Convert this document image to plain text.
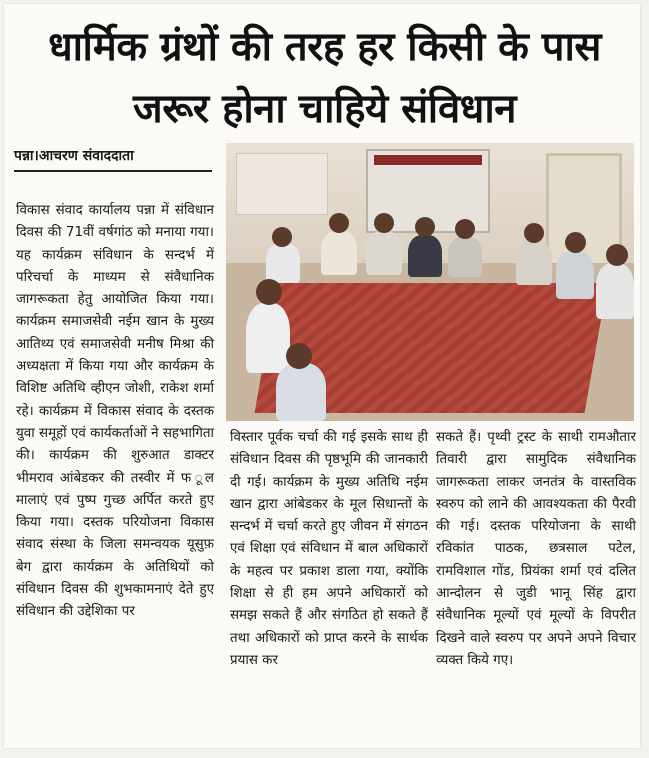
धार्मिक ग्रंथों की तरह हर किसी के पास
जरूर होना चाहिये संविधान
पन्ना।आचरण संवाददाता

विकास संवाद कार्यालय पन्ना में संविधान दिवस की 71वीं वर्षगांठ को मनाया गया। यह कार्यक्रम संविधान के सन्दर्भ में परिचर्चा के माध्यम से संवैधानिक जागरूकता हेतु आयोजित किया गया। कार्यक्रम समाजसेवी नईम खान के मुख्य आतिथ्य एवं समाजसेवी मनीष मिश्रा की अध्यक्षता में किया गया और कार्यक्रम के विशिष्ट अतिथि व्हीएन जोशी, राकेश शर्मा रहे। कार्यक्रम में विकास संवाद के दस्तक युवा समूहों एवं कार्यकर्ताओं ने सहभागिता की। कार्यक्रम की शुरुआत डाक्टर भीमराव आंबेडकर की तस्वीर में फ ूल मालाएं एवं पुष्प गुच्छ अर्पित करते हुए किया गया। दस्तक परियोजना विकास संवाद संस्था के जिला समन्वयक यूसुफ़ बेग द्वारा कार्यक्रम के अतिथियों को संविधान दिवस की शुभकामनाएं देते हुए संविधान की उद्देशिका पर

विस्तार पूर्वक चर्चा की गई इसके साथ ही संविधान दिवस की पृष्ठभूमि की जानकारी दी गई। कार्यक्रम के मुख्य अतिथि नईम खान द्वारा आंबेडकर के मूल सिधान्तों के सन्दर्भ में चर्चा करते हुए जीवन में संगठन एवं शिक्षा एवं संविधान में बाल अधिकारों के महत्व पर प्रकाश डाला गया, क्योंकि शिक्षा से ही हम अपने अधिकारों को समझ सकते हैं और संगठित हो सकते हैं तथा अधिकारों को प्राप्त करने के सार्थक प्रयास कर

सकते हैं। पृथ्वी ट्रस्ट के साथी रामऔतार तिवारी द्वारा सामुदिक संवैधानिक जागरूकता लाकर जनतंत्र के वास्तविक स्वरुप को लाने की आवश्यकता की पैरवी की गई। दस्तक परियोजना के साथी रविकांत पाठक, छत्रसाल पटेल, रामविशाल गोंड, प्रियंका शर्मा एवं दलित आन्दोलन से जुडी भानू सिंह द्वारा संवैधानिक मूल्यों एवं मूल्यों के विपरीत दिखने वाले स्वरुप पर अपने अपने विचार व्यक्त किये गए।
